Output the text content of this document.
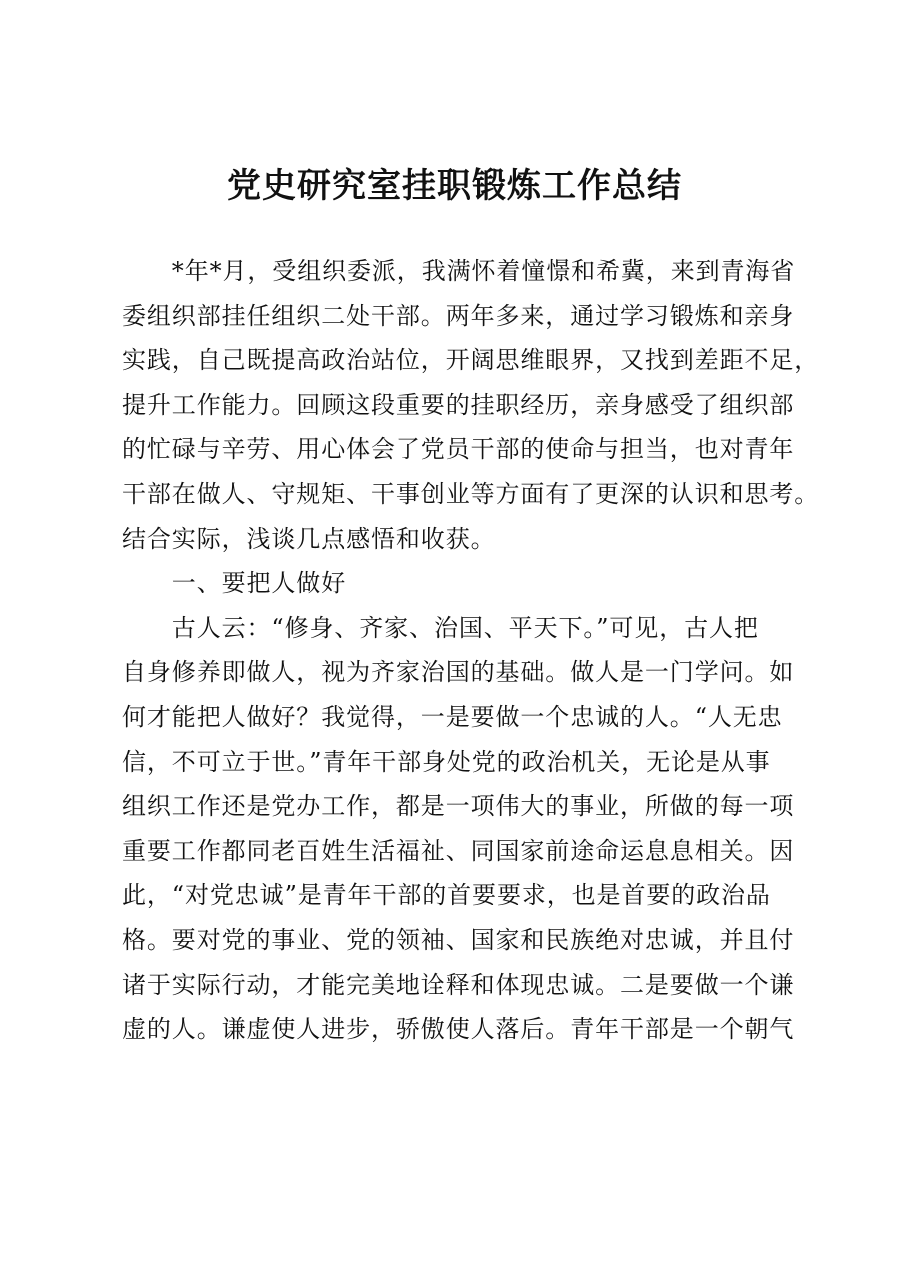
党史研究室挂职锻炼工作总结
　　*年*月，受组织委派，我满怀着憧憬和希冀，来到青海省
委组织部挂任组织二处干部。两年多来，通过学习锻炼和亲身
实践，自己既提高政治站位，开阔思维眼界，又找到差距不足，
提升工作能力。回顾这段重要的挂职经历，亲身感受了组织部
的忙碌与辛劳、用心体会了党员干部的使命与担当，也对青年
干部在做人、守规矩、干事创业等方面有了更深的认识和思考。
结合实际，浅谈几点感悟和收获。
　　一、要把人做好
　　古人云：“修身、齐家、治国、平天下。”可见，古人把
自身修养即做人，视为齐家治国的基础。做人是一门学问。如
何才能把人做好？我觉得，一是要做一个忠诚的人。“人无忠
信，不可立于世。”青年干部身处党的政治机关，无论是从事
组织工作还是党办工作，都是一项伟大的事业，所做的每一项
重要工作都同老百姓生活福祉、同国家前途命运息息相关。因
此，“对党忠诚”是青年干部的首要要求，也是首要的政治品
格。要对党的事业、党的领袖、国家和民族绝对忠诚，并且付
诸于实际行动，才能完美地诠释和体现忠诚。二是要做一个谦
虚的人。谦虚使人进步，骄傲使人落后。青年干部是一个朝气
